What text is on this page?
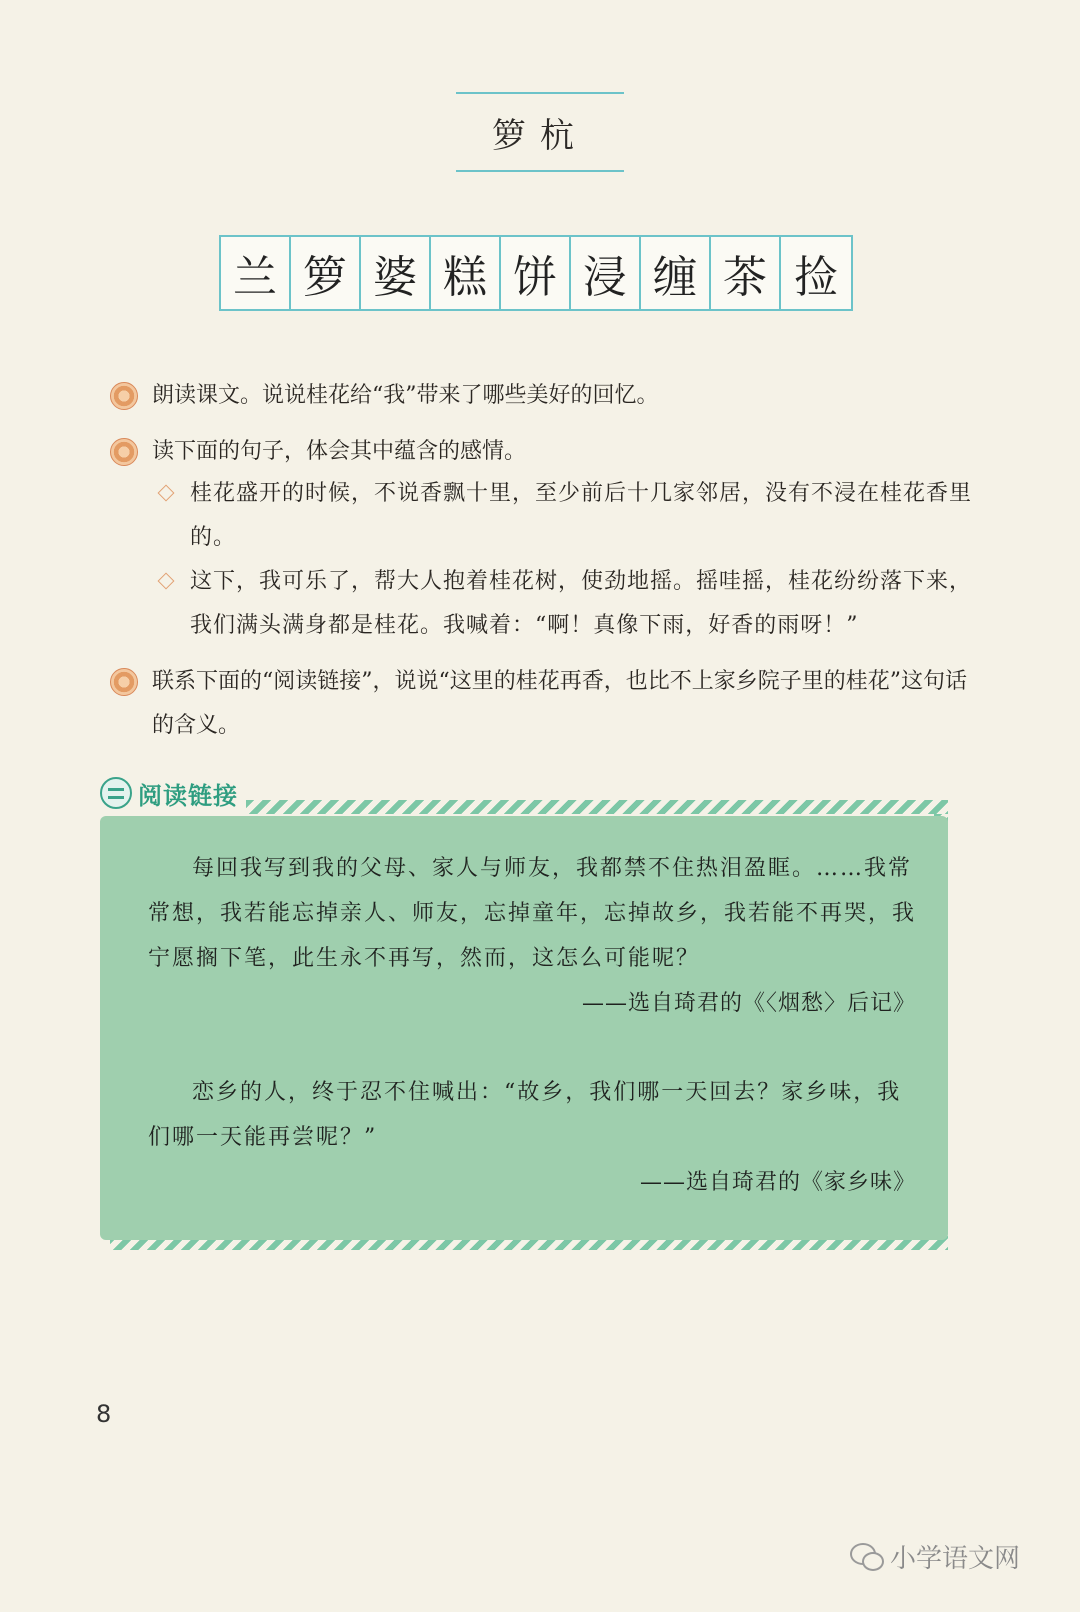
箩杭
兰 箩 婆 糕 饼 浸 缠 茶 捡
朗读课文。说说桂花给“我”带来了哪些美好的回忆。
读下面的句子，体会其中蕴含的感情。
桂花盛开的时候，不说香飘十里，至少前后十几家邻居，没有不浸在桂花香里的。
这下，我可乐了，帮大人抱着桂花树，使劲地摇。摇哇摇，桂花纷纷落下来，我们满头满身都是桂花。我喊着：“啊！真像下雨，好香的雨呀！”
联系下面的“阅读链接”，说说“这里的桂花再香，也比不上家乡院子里的桂花”这句话的含义。
阅读链接
每回我写到我的父母、家人与师友，我都禁不住热泪盈眶。……我常常想，我若能忘掉亲人、师友，忘掉童年，忘掉故乡，我若能不再哭，我宁愿搁下笔，此生永不再写，然而，这怎么可能呢？
——选自琦君的《〈烟愁〉后记》
恋乡的人，终于忍不住喊出：“故乡，我们哪一天回去？家乡味，我们哪一天能再尝呢？”
——选自琦君的《家乡味》
8
小学语文网
